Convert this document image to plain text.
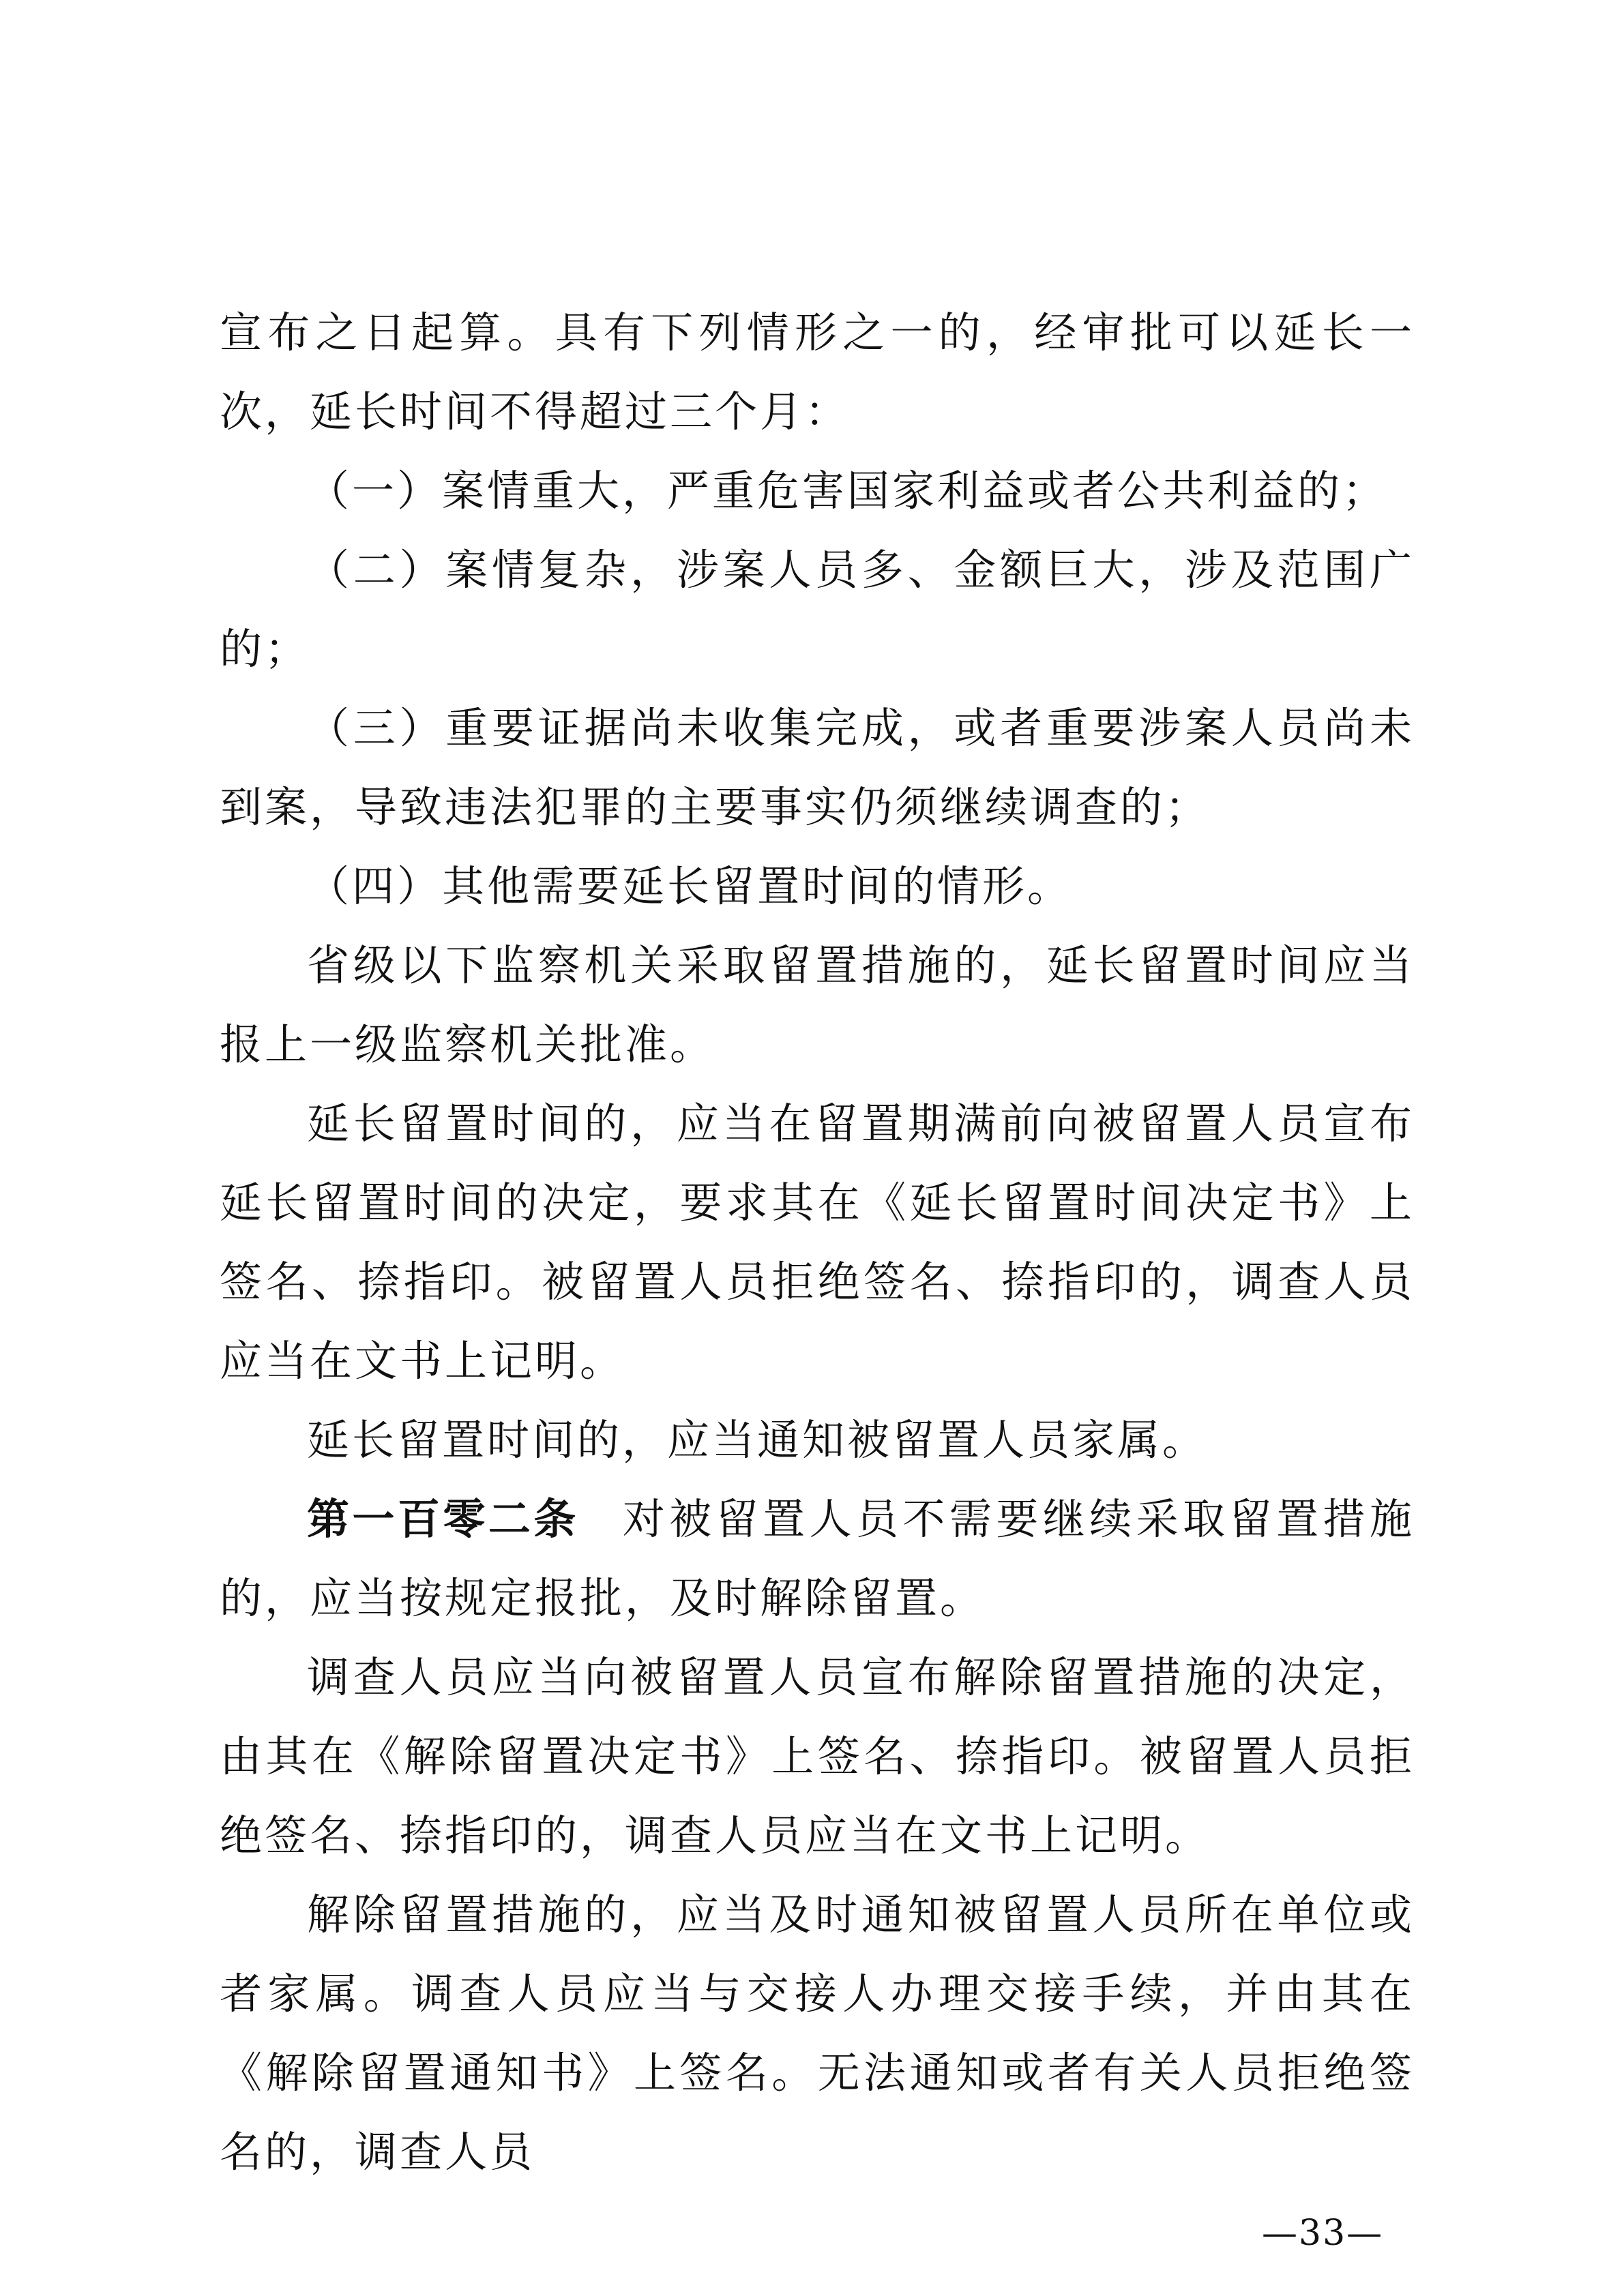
宣布之日起算。具有下列情形之一的，经审批可以延长一次，延长时间不得超过三个月：

（一）案情重大，严重危害国家利益或者公共利益的；

（二）案情复杂，涉案人员多、金额巨大，涉及范围广的；

（三）重要证据尚未收集完成，或者重要涉案人员尚未到案，导致违法犯罪的主要事实仍须继续调查的；

（四）其他需要延长留置时间的情形。

省级以下监察机关采取留置措施的，延长留置时间应当报上一级监察机关批准。

延长留置时间的，应当在留置期满前向被留置人员宣布延长留置时间的决定，要求其在《延长留置时间决定书》上签名、捺指印。被留置人员拒绝签名、捺指印的，调查人员应当在文书上记明。

延长留置时间的，应当通知被留置人员家属。

第一百零二条 对被留置人员不需要继续采取留置措施的，应当按规定报批，及时解除留置。

调查人员应当向被留置人员宣布解除留置措施的决定，由其在《解除留置决定书》上签名、捺指印。被留置人员拒绝签名、捺指印的，调查人员应当在文书上记明。

解除留置措施的，应当及时通知被留置人员所在单位或者家属。调查人员应当与交接人办理交接手续，并由其在《解除留置通知书》上签名。无法通知或者有关人员拒绝签名的，调查人员

—33—
